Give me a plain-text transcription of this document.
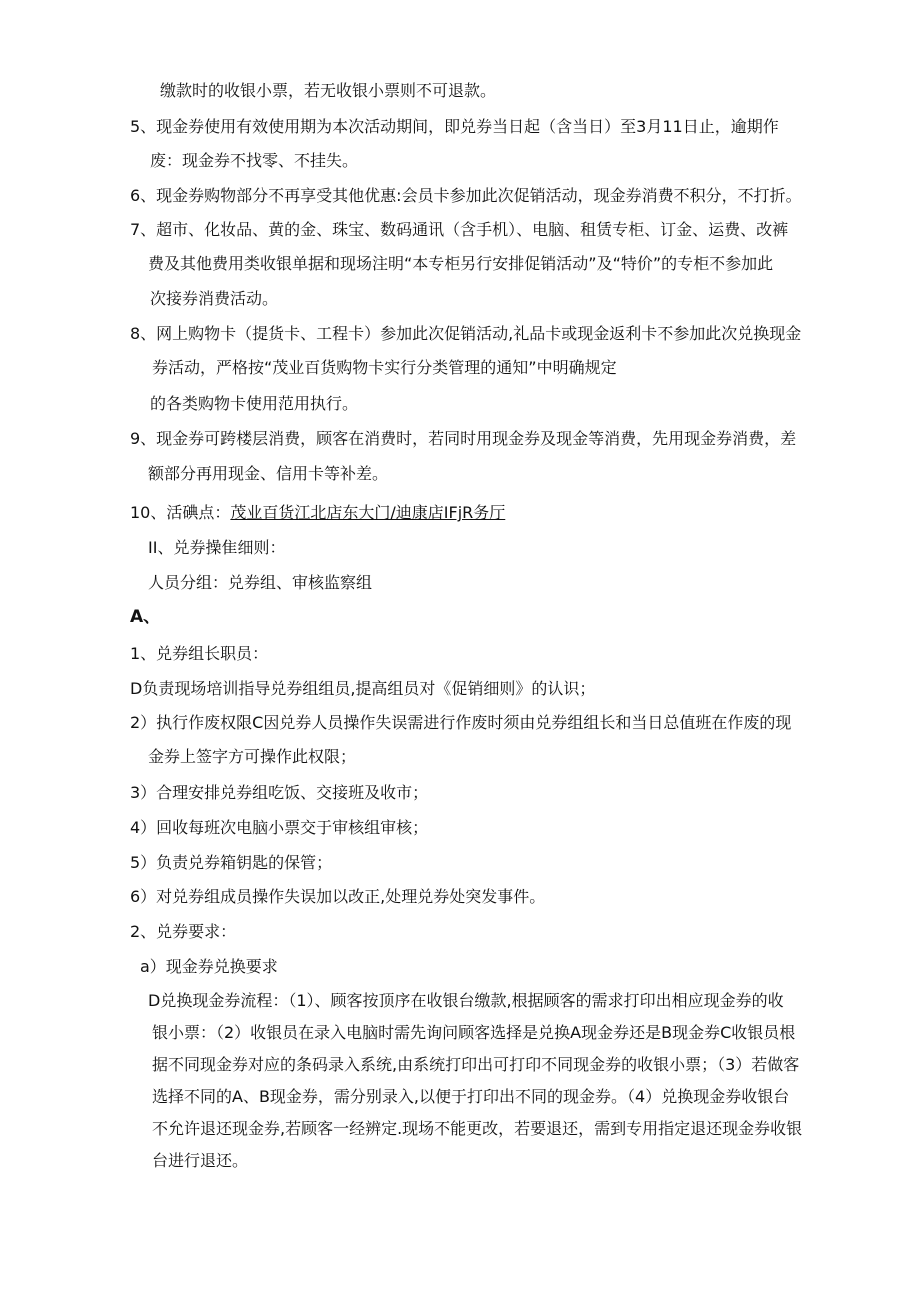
缴款时的收银小票，若无收银小票则不可退款。
5、现金券使用有效使用期为本次活动期间，即兑券当日起（含当日）至3月11日止，逾期作
废：现金券不找零、不挂失。
6、现金券购物部分不再享受其他优惠:会员卡参加此次促销活动，现金券消费不积分，不打折。
7、超市、化妆品、黄的金、珠宝、数码通讯（含手机）、电脑、租赁专柜、订金、运费、改裤
费及其他费用类收银单据和现场注明“本专柜另行安排促销活动”及“特价”的专柜不参加此
次接券消费活动。
8、网上购物卡（提货卡、工程卡）参加此次促销活动,礼品卡或现金返利卡不参加此次兑换现金
券活动，严格按“茂业百货购物卡实行分类管理的通知”中明确规定
的各类购物卡使用范用执行。
9、现金券可跨楼层消费，顾客在消费时，若同时用现金券及现金等消费，先用现金券消费，差
额部分再用现金、信用卡等补差。
10、活碘点：茂业百货江北店东大门/迪康店IFjR务厅
II、兑券操隹细则：
人员分组：兑券组、审核监察组
A、
1、兑券组长职员：
D负责现场培训指导兑券组组员,提高组员对《促销细则》的认识；
2）执行作废权限C因兑券人员操作失误需进行作废时须由兑券组组长和当日总值班在作废的现
金券上签字方可操作此权限；
3）合理安排兑券组吃饭、交接班及收市；
4）回收每班次电脑小票交于审核组审核；
5）负责兑券箱钥匙的保管；
6）对兑券组成员操作失误加以改正,处理兑券处突发事件。
2、兑券要求：
a）现金券兑换要求
D兑换现金券流程：（1）、顾客按顶序在收银台缴款,根据顾客的需求打印出相应现金券的收
银小票：（2）收银员在录入电脑时需先询问顾客选择是兑换A现金券还是B现金券C收银员根
据不同现金券对应的条码录入系统,由系统打印出可打印不同现金券的收银小票；（3）若做客
选择不同的A、B现金券，需分别录入,以便于打印出不同的现金券。（4）兑换现金券收银台
不允许退还现金券,若顾客一经辨定.现场不能更改，若要退还，需到专用指定退还现金券收银
台进行退还。
